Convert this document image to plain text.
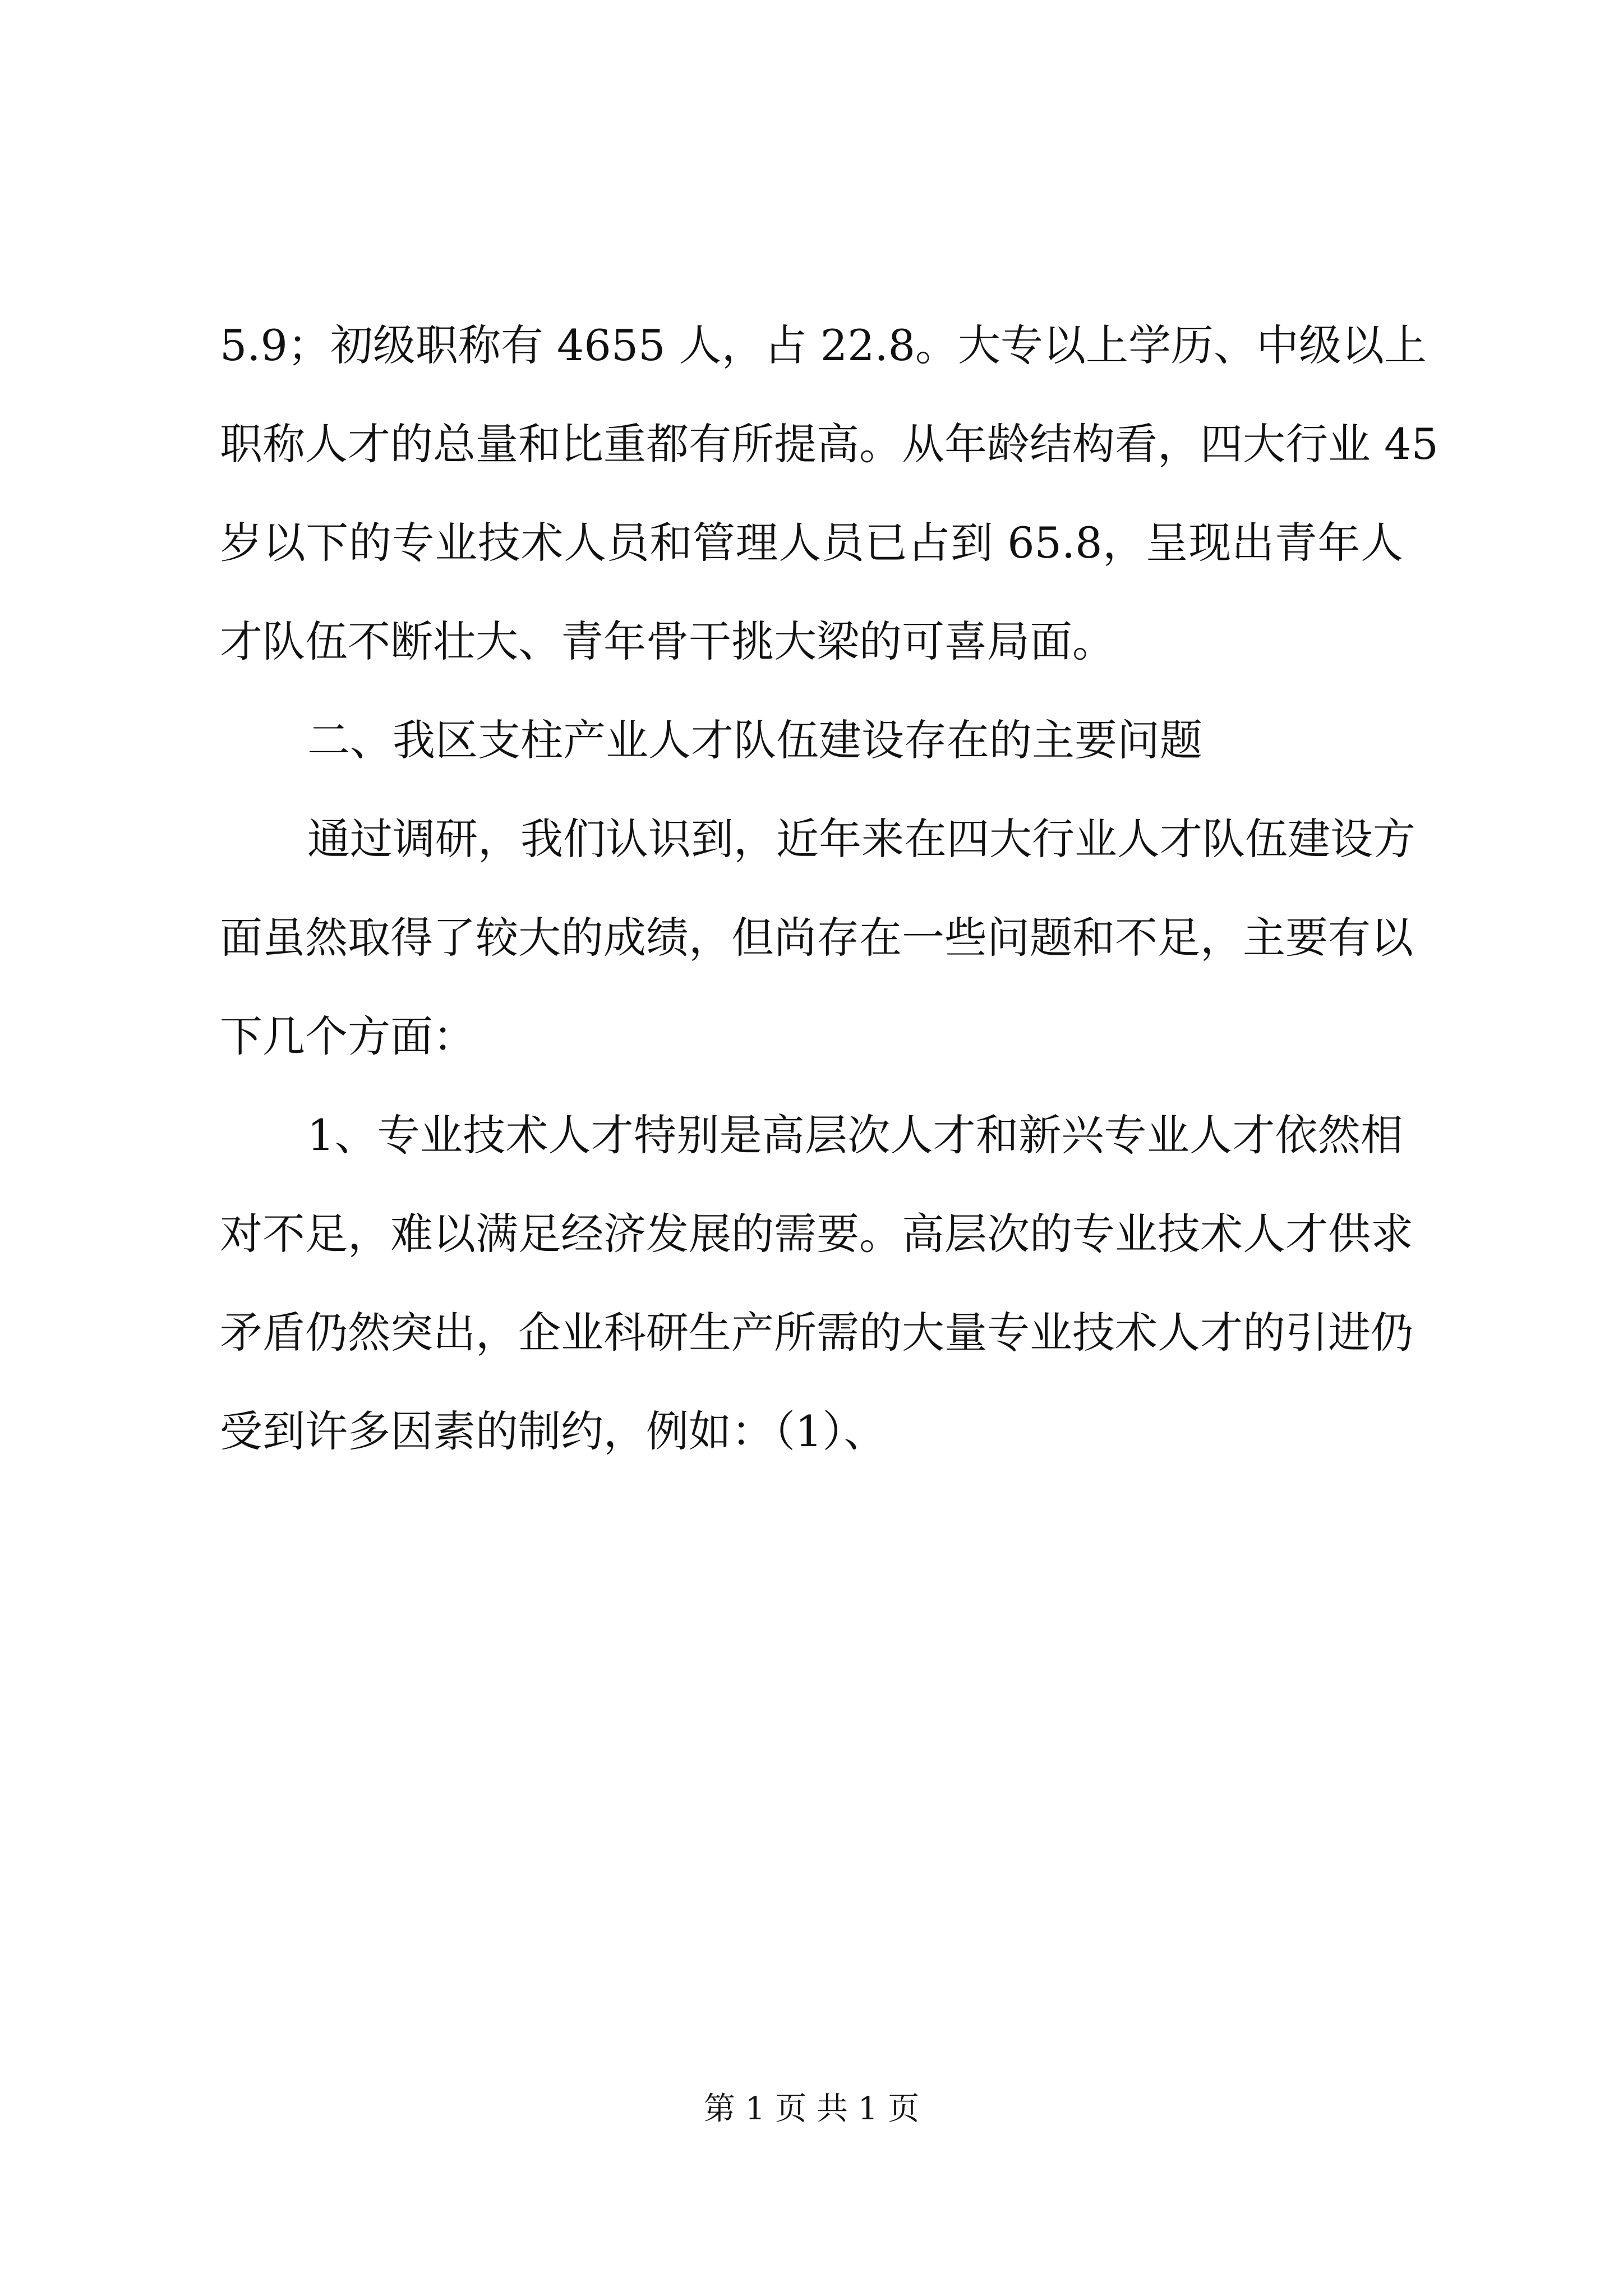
5.9；初级职称有 4655 人，占 22.8。大专以上学历、中级以上
职称人才的总量和比重都有所提高。从年龄结构看，四大行业 45
岁以下的专业技术人员和管理人员已占到 65.8，呈现出青年人
才队伍不断壮大、青年骨干挑大梁的可喜局面。
二、我区支柱产业人才队伍建设存在的主要问题
通过调研，我们认识到，近年来在四大行业人才队伍建设方
面虽然取得了较大的成绩，但尚存在一些问题和不足，主要有以
下几个方面：
1、专业技术人才特别是高层次人才和新兴专业人才依然相
对不足，难以满足经济发展的需要。高层次的专业技术人才供求
矛盾仍然突出，企业科研生产所需的大量专业技术人才的引进仍
受到许多因素的制约，例如：（1）、
第 1 页 共 1 页
